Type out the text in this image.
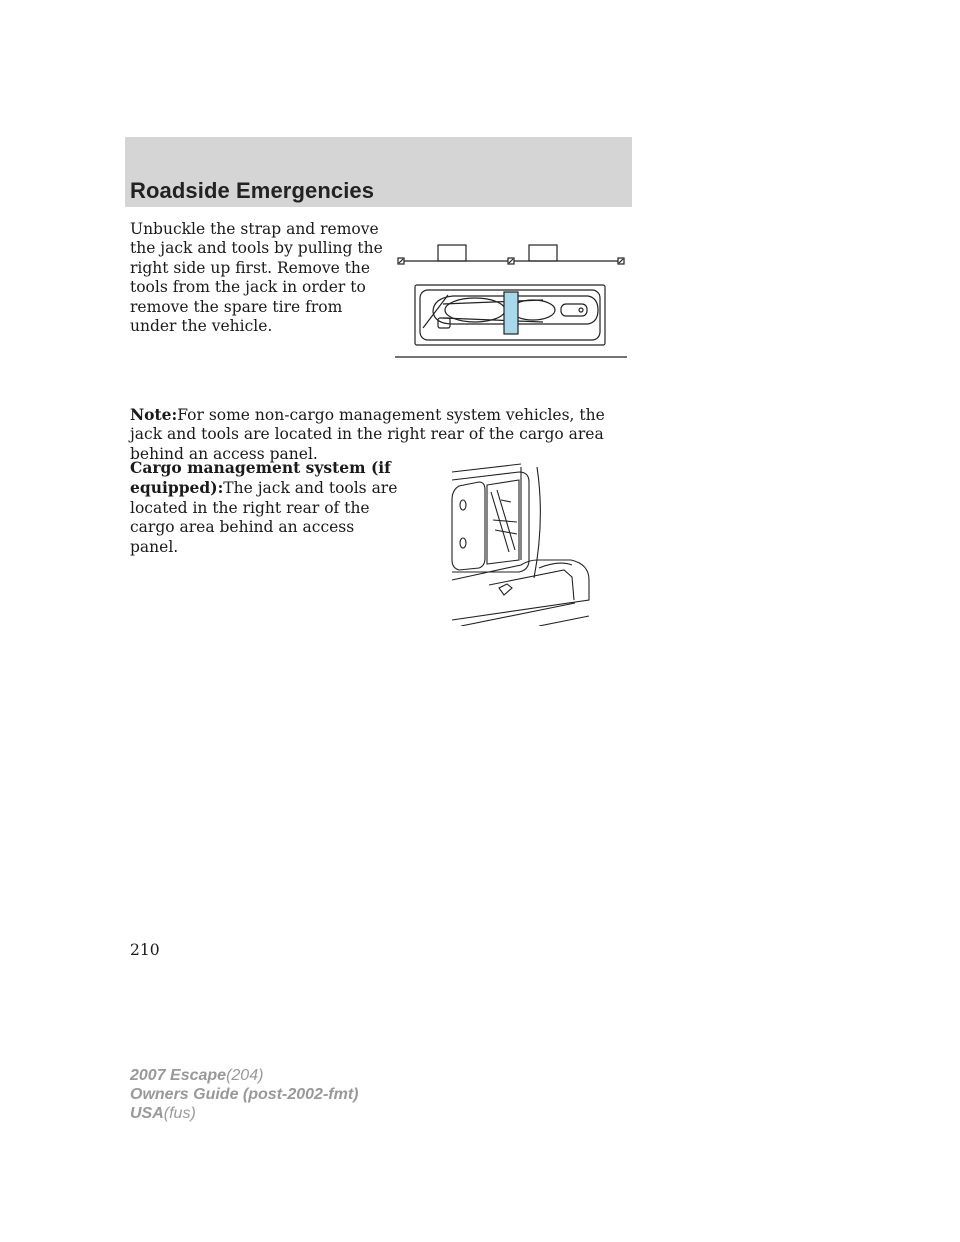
Roadside Emergencies

Unbuckle the strap and remove the jack and tools by pulling the right side up first. Remove the tools from the jack in order to remove the spare tire from under the vehicle.

Note:For some non-cargo management system vehicles, the jack and tools are located in the right rear of the cargo area behind an access panel.

Cargo management system (if equipped):The jack and tools are located in the right rear of the cargo area behind an access panel.

210

2007 Escape(204)
Owners Guide (post-2002-fmt)
USA(fus)
